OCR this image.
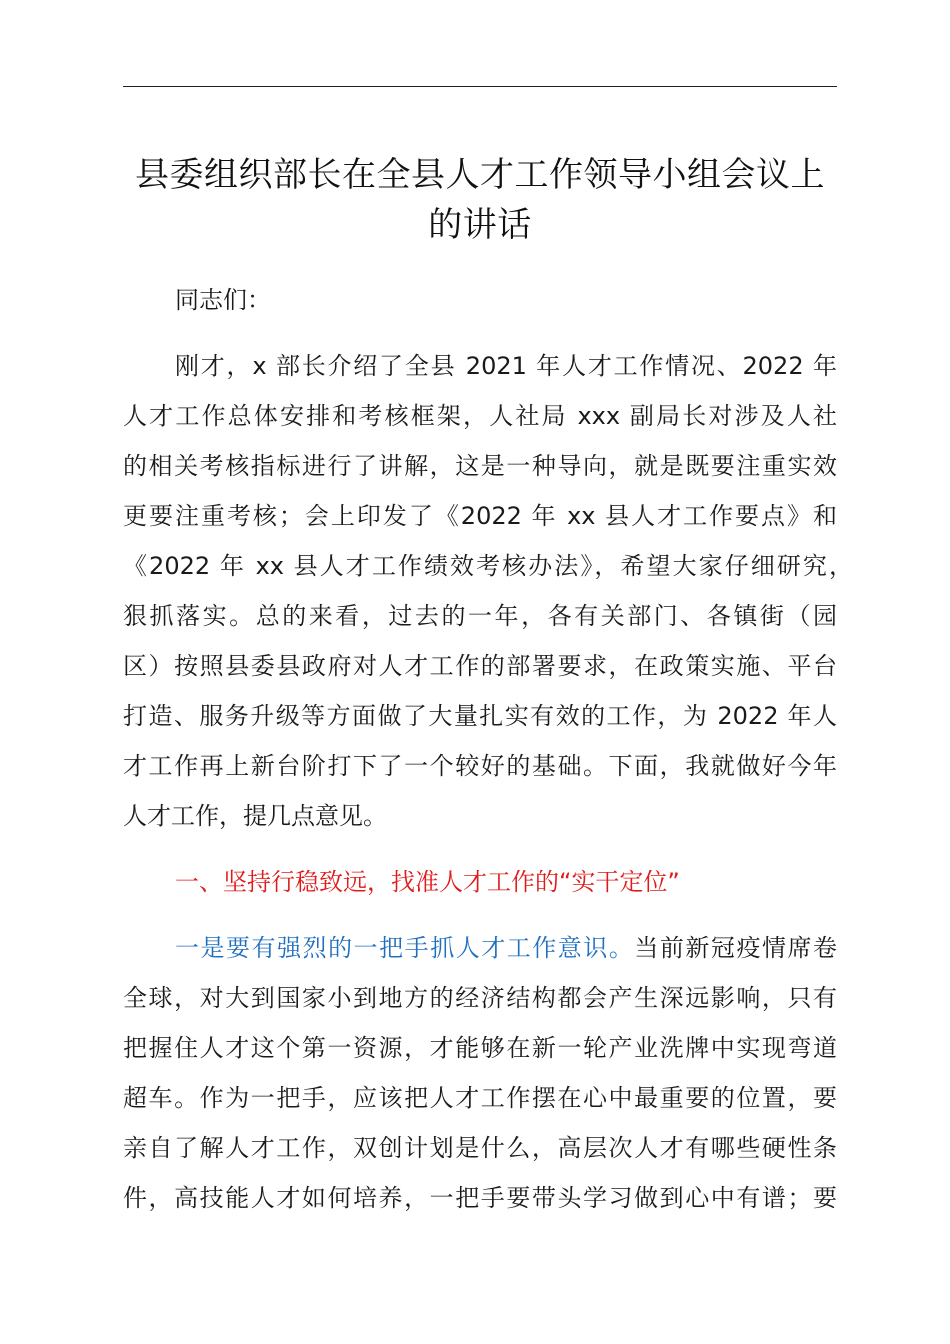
县委组织部长在全县人才工作领导小组会议上
的讲话

同志们：

刚才，x 部长介绍了全县 2021 年人才工作情况、2022 年

人才工作总体安排和考核框架，人社局 xxx 副局长对涉及人社

的相关考核指标进行了讲解，这是一种导向，就是既要注重实效

更要注重考核；会上印发了《2022 年 xx 县人才工作要点》和

《2022 年 xx 县人才工作绩效考核办法》，希望大家仔细研究，

狠抓落实。总的来看，过去的一年，各有关部门、各镇街（园

区）按照县委县政府对人才工作的部署要求，在政策实施、平台

打造、服务升级等方面做了大量扎实有效的工作，为 2022 年人

才工作再上新台阶打下了一个较好的基础。下面，我就做好今年

人才工作，提几点意见。

一、坚持行稳致远，找准人才工作的“实干定位”

一是要有强烈的一把手抓人才工作意识。当前新冠疫情席卷

全球，对大到国家小到地方的经济结构都会产生深远影响，只有

把握住人才这个第一资源，才能够在新一轮产业洗牌中实现弯道

超车。作为一把手，应该把人才工作摆在心中最重要的位置，要

亲自了解人才工作，双创计划是什么，高层次人才有哪些硬性条

件，高技能人才如何培养，一把手要带头学习做到心中有谱；要
